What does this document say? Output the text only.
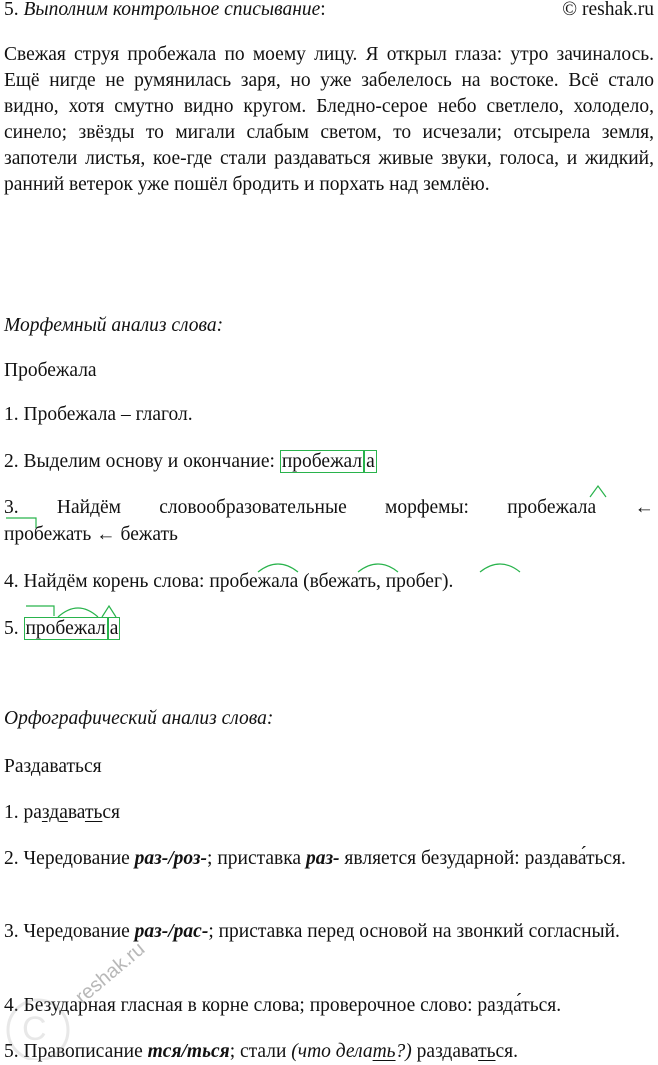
5. Выполним контрольное списывание:	© reshak.ru

Свежая струя пробежала по моему лицу. Я открыл глаза: утро зачиналось. Ещё нигде не румянилась заря, но уже забелелось на востоке. Всё стало видно, хотя смутно видно кругом. Бледно-серое небо светлело, холодело, синело; звёзды то мигали слабым светом, то исчезали; отсырела земля, запотели листья, кое-где стали раздаваться живые звуки, голоса, и жидкий, ранний ветерок уже пошёл бродить и порхать над землёю.

Морфемный анализ слова:

Пробежала

1. Пробежала – глагол.

2. Выделим основу и окончание: пробежал а

3. Найдём словообразовательные морфемы: пробежала ←

пробежать ← бежать

4. Найдём корень слова: пробежала (вбежать, пробег).

5. пробежал а

Орфографический анализ слова:

Раздаваться

1. раздаваться

2. Чередование раз-/роз-; приставка раз- является безударной: раздава́ться.

3. Чередование раз-/рас-; приставка перед основой на звонкий согласный.

4. Безударная гласная в корне слова; проверочное слово: разда́ться.

5. Правописание тся/ться; стали (что делать?) раздаваться.

C
reshak.ru
